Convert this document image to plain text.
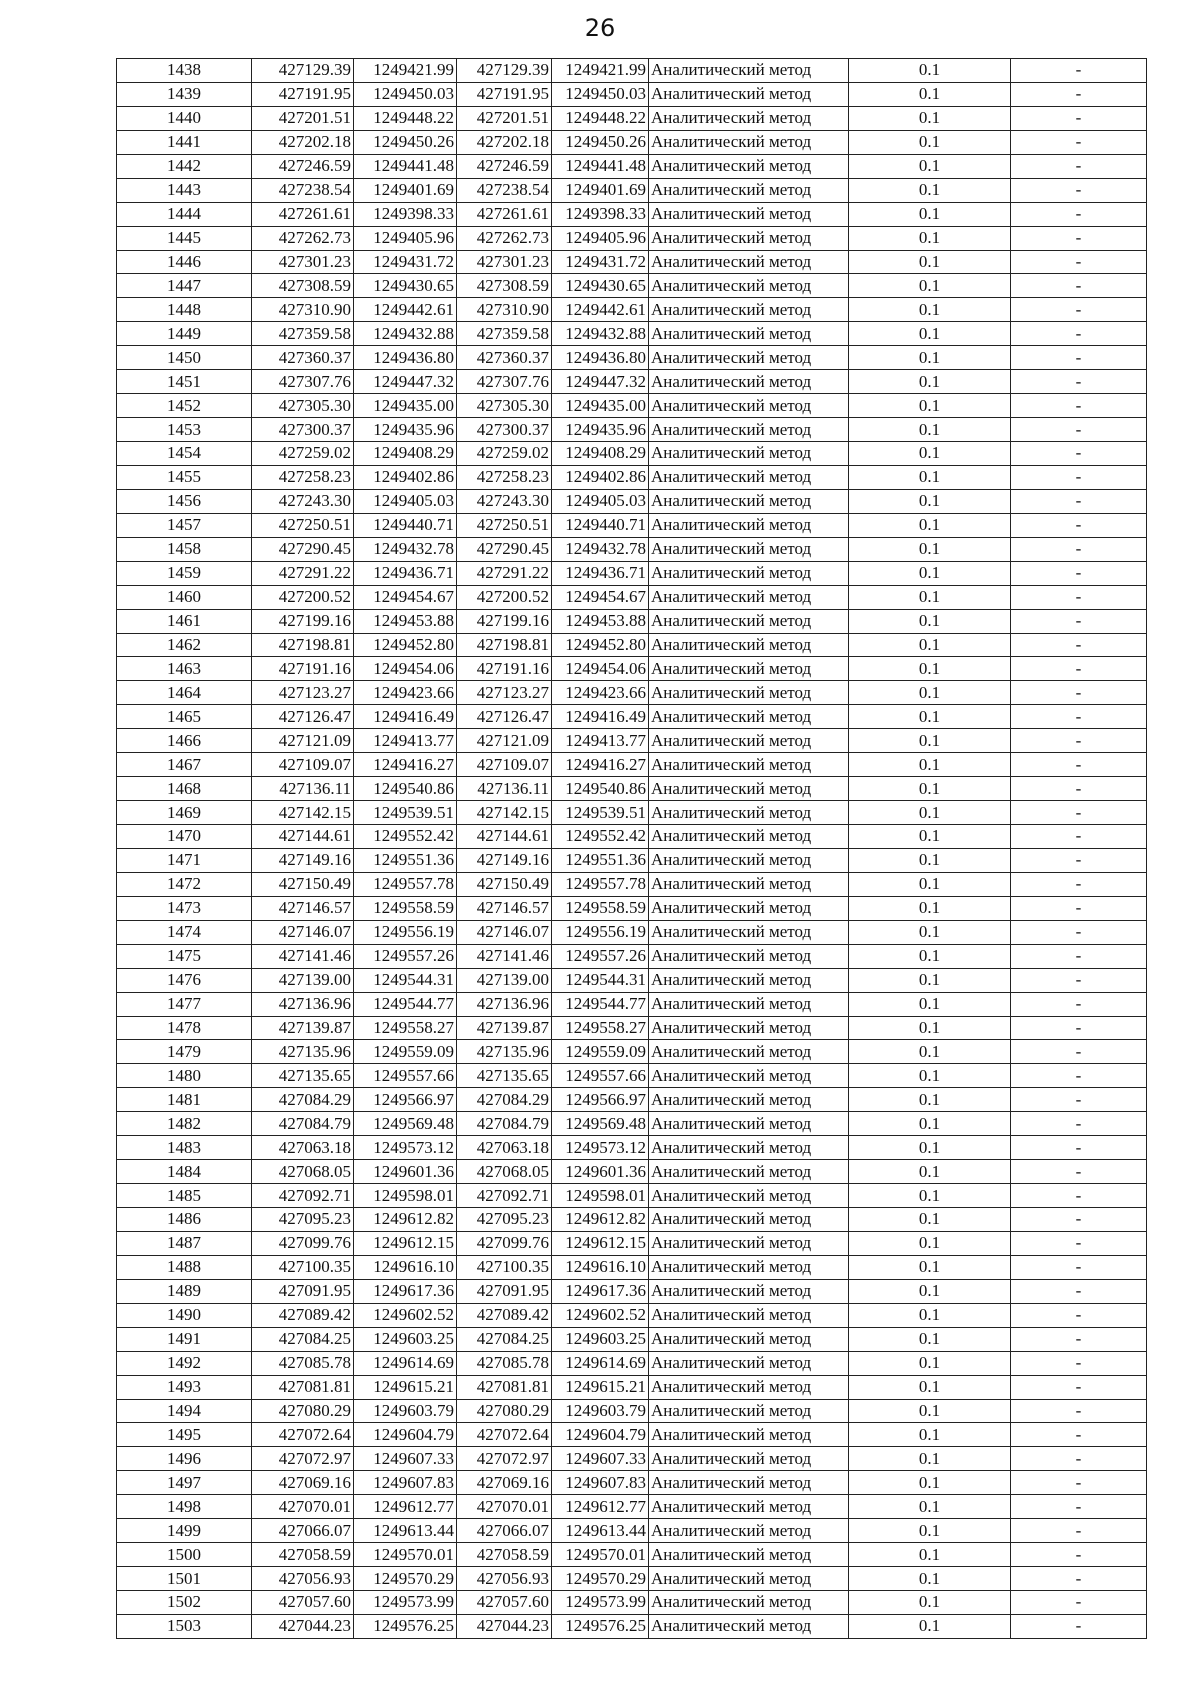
26
1438	427129.39	1249421.99	427129.39	1249421.99	Аналитический метод	0.1	-
1439	427191.95	1249450.03	427191.95	1249450.03	Аналитический метод	0.1	-
1440	427201.51	1249448.22	427201.51	1249448.22	Аналитический метод	0.1	-
1441	427202.18	1249450.26	427202.18	1249450.26	Аналитический метод	0.1	-
1442	427246.59	1249441.48	427246.59	1249441.48	Аналитический метод	0.1	-
1443	427238.54	1249401.69	427238.54	1249401.69	Аналитический метод	0.1	-
1444	427261.61	1249398.33	427261.61	1249398.33	Аналитический метод	0.1	-
1445	427262.73	1249405.96	427262.73	1249405.96	Аналитический метод	0.1	-
1446	427301.23	1249431.72	427301.23	1249431.72	Аналитический метод	0.1	-
1447	427308.59	1249430.65	427308.59	1249430.65	Аналитический метод	0.1	-
1448	427310.90	1249442.61	427310.90	1249442.61	Аналитический метод	0.1	-
1449	427359.58	1249432.88	427359.58	1249432.88	Аналитический метод	0.1	-
1450	427360.37	1249436.80	427360.37	1249436.80	Аналитический метод	0.1	-
1451	427307.76	1249447.32	427307.76	1249447.32	Аналитический метод	0.1	-
1452	427305.30	1249435.00	427305.30	1249435.00	Аналитический метод	0.1	-
1453	427300.37	1249435.96	427300.37	1249435.96	Аналитический метод	0.1	-
1454	427259.02	1249408.29	427259.02	1249408.29	Аналитический метод	0.1	-
1455	427258.23	1249402.86	427258.23	1249402.86	Аналитический метод	0.1	-
1456	427243.30	1249405.03	427243.30	1249405.03	Аналитический метод	0.1	-
1457	427250.51	1249440.71	427250.51	1249440.71	Аналитический метод	0.1	-
1458	427290.45	1249432.78	427290.45	1249432.78	Аналитический метод	0.1	-
1459	427291.22	1249436.71	427291.22	1249436.71	Аналитический метод	0.1	-
1460	427200.52	1249454.67	427200.52	1249454.67	Аналитический метод	0.1	-
1461	427199.16	1249453.88	427199.16	1249453.88	Аналитический метод	0.1	-
1462	427198.81	1249452.80	427198.81	1249452.80	Аналитический метод	0.1	-
1463	427191.16	1249454.06	427191.16	1249454.06	Аналитический метод	0.1	-
1464	427123.27	1249423.66	427123.27	1249423.66	Аналитический метод	0.1	-
1465	427126.47	1249416.49	427126.47	1249416.49	Аналитический метод	0.1	-
1466	427121.09	1249413.77	427121.09	1249413.77	Аналитический метод	0.1	-
1467	427109.07	1249416.27	427109.07	1249416.27	Аналитический метод	0.1	-
1468	427136.11	1249540.86	427136.11	1249540.86	Аналитический метод	0.1	-
1469	427142.15	1249539.51	427142.15	1249539.51	Аналитический метод	0.1	-
1470	427144.61	1249552.42	427144.61	1249552.42	Аналитический метод	0.1	-
1471	427149.16	1249551.36	427149.16	1249551.36	Аналитический метод	0.1	-
1472	427150.49	1249557.78	427150.49	1249557.78	Аналитический метод	0.1	-
1473	427146.57	1249558.59	427146.57	1249558.59	Аналитический метод	0.1	-
1474	427146.07	1249556.19	427146.07	1249556.19	Аналитический метод	0.1	-
1475	427141.46	1249557.26	427141.46	1249557.26	Аналитический метод	0.1	-
1476	427139.00	1249544.31	427139.00	1249544.31	Аналитический метод	0.1	-
1477	427136.96	1249544.77	427136.96	1249544.77	Аналитический метод	0.1	-
1478	427139.87	1249558.27	427139.87	1249558.27	Аналитический метод	0.1	-
1479	427135.96	1249559.09	427135.96	1249559.09	Аналитический метод	0.1	-
1480	427135.65	1249557.66	427135.65	1249557.66	Аналитический метод	0.1	-
1481	427084.29	1249566.97	427084.29	1249566.97	Аналитический метод	0.1	-
1482	427084.79	1249569.48	427084.79	1249569.48	Аналитический метод	0.1	-
1483	427063.18	1249573.12	427063.18	1249573.12	Аналитический метод	0.1	-
1484	427068.05	1249601.36	427068.05	1249601.36	Аналитический метод	0.1	-
1485	427092.71	1249598.01	427092.71	1249598.01	Аналитический метод	0.1	-
1486	427095.23	1249612.82	427095.23	1249612.82	Аналитический метод	0.1	-
1487	427099.76	1249612.15	427099.76	1249612.15	Аналитический метод	0.1	-
1488	427100.35	1249616.10	427100.35	1249616.10	Аналитический метод	0.1	-
1489	427091.95	1249617.36	427091.95	1249617.36	Аналитический метод	0.1	-
1490	427089.42	1249602.52	427089.42	1249602.52	Аналитический метод	0.1	-
1491	427084.25	1249603.25	427084.25	1249603.25	Аналитический метод	0.1	-
1492	427085.78	1249614.69	427085.78	1249614.69	Аналитический метод	0.1	-
1493	427081.81	1249615.21	427081.81	1249615.21	Аналитический метод	0.1	-
1494	427080.29	1249603.79	427080.29	1249603.79	Аналитический метод	0.1	-
1495	427072.64	1249604.79	427072.64	1249604.79	Аналитический метод	0.1	-
1496	427072.97	1249607.33	427072.97	1249607.33	Аналитический метод	0.1	-
1497	427069.16	1249607.83	427069.16	1249607.83	Аналитический метод	0.1	-
1498	427070.01	1249612.77	427070.01	1249612.77	Аналитический метод	0.1	-
1499	427066.07	1249613.44	427066.07	1249613.44	Аналитический метод	0.1	-
1500	427058.59	1249570.01	427058.59	1249570.01	Аналитический метод	0.1	-
1501	427056.93	1249570.29	427056.93	1249570.29	Аналитический метод	0.1	-
1502	427057.60	1249573.99	427057.60	1249573.99	Аналитический метод	0.1	-
1503	427044.23	1249576.25	427044.23	1249576.25	Аналитический метод	0.1	-
